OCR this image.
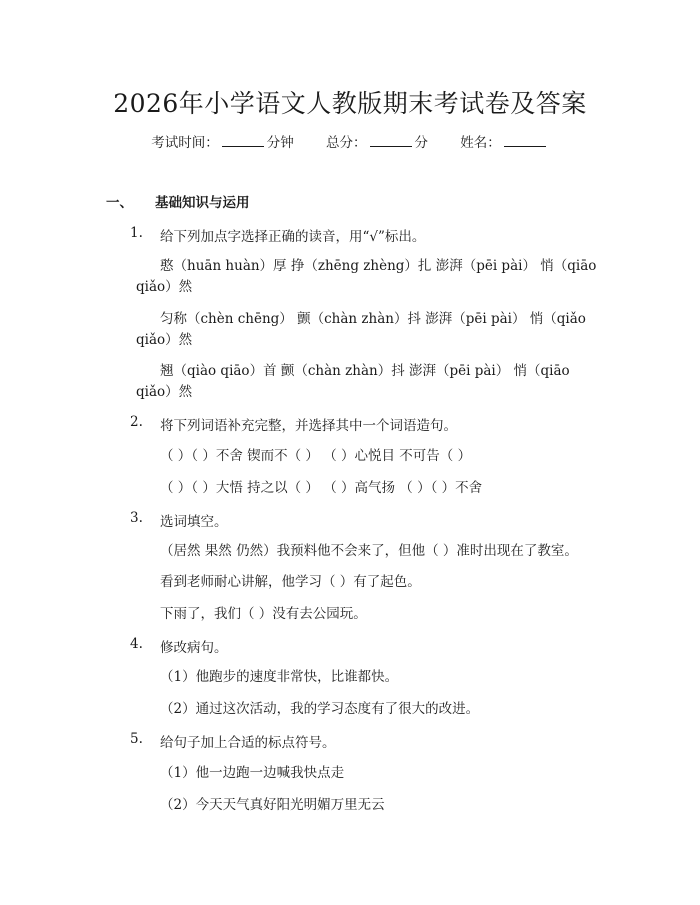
2026年小学语文人教版期末考试卷及答案
考试时间：	分钟 总分：	分 姓名：
一、 基础知识与运用
1. 给下列加点字选择正确的读音，用“√”标出。
憨（huān huàn）厚 挣（zhēng zhèng）扎 澎湃（pēi pài） 悄（qiāo
qiǎo）然
匀称（chèn chēng） 颤（chàn zhàn）抖 澎湃（pēi pài） 悄（qiǎo
qiǎo）然
翘（qiào qiāo）首 颤（chàn zhàn）抖 澎湃（pēi pài） 悄（qiāo
qiǎo）然
2. 将下列词语补充完整，并选择其中一个词语造句。
（ ）（ ）不舍 锲而不（ ） （ ）心悦目 不可告（ ）
（ ）（ ）大悟 持之以（ ） （ ）高气扬 （ ）（ ）不舍
3. 选词填空。
（居然 果然 仍然）我预料他不会来了，但他（ ）准时出现在了教室。
看到老师耐心讲解，他学习（ ）有了起色。
下雨了，我们（ ）没有去公园玩。
4. 修改病句。
（1）他跑步的速度非常快，比谁都快。
（2）通过这次活动，我的学习态度有了很大的改进。
5. 给句子加上合适的标点符号。
（1）他一边跑一边喊我快点走
（2）今天天气真好阳光明媚万里无云
